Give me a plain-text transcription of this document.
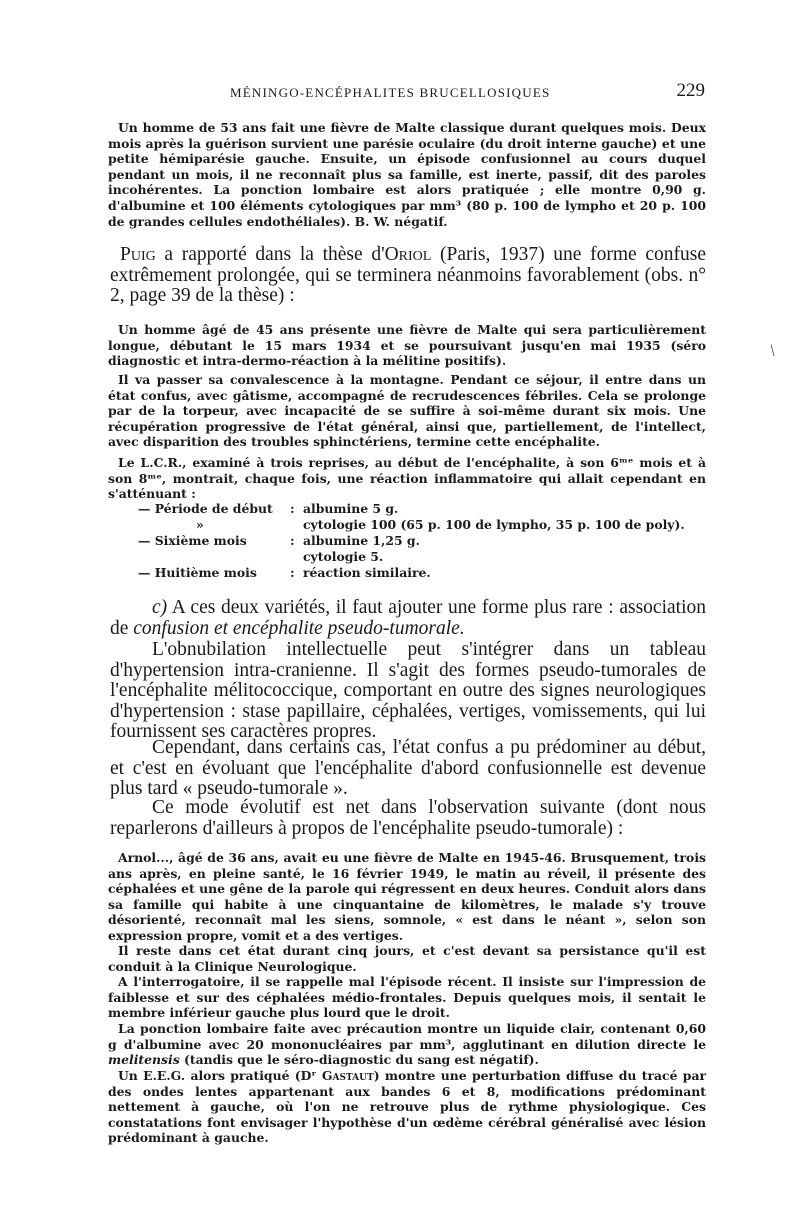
MÉNINGO-ENCÉPHALITES BRUCELLOSIQUES	229

Un homme de 53 ans fait une fièvre de Malte classique durant quelques mois. Deux mois après la guérison survient une parésie oculaire (du droit interne gauche) et une petite hémiparésie gauche. Ensuite, un épisode confusionnel au cours duquel pendant un mois, il ne reconnaît plus sa famille, est inerte, passif, dit des paroles incohérentes. La ponction lombaire est alors pratiquée ; elle montre 0,90 g. d'albumine et 100 éléments cytologiques par mm³ (80 p. 100 de lympho et 20 p. 100 de grandes cellules endothéliales). B. W. négatif.

Puig a rapporté dans la thèse d'Oriol (Paris, 1937) une forme confuse extrêmement prolongée, qui se terminera néanmoins favorablement (obs. n° 2, page 39 de la thèse) :

Un homme âgé de 45 ans présente une fièvre de Malte qui sera particulièrement longue, débutant le 15 mars 1934 et se poursuivant jusqu'en mai 1935 (séro diagnostic et intra-dermo-réaction à la mélitine positifs).

Il va passer sa convalescence à la montagne. Pendant ce séjour, il entre dans un état confus, avec gâtisme, accompagné de recrudescences fébriles. Cela se prolonge par de la torpeur, avec incapacité de se suffire à soi-même durant six mois. Une récupération progressive de l'état général, ainsi que, partiellement, de l'intellect, avec disparition des troubles sphinctériens, termine cette encéphalite.

Le L.C.R., examiné à trois reprises, au début de l'encéphalite, à son 6ᵐᵉ mois et à son 8ᵐᵉ, montrait, chaque fois, une réaction inflammatoire qui allait cependant en s'atténuant :

— Période de début : albumine 5 g.

»	cytologie 100 (65 p. 100 de lympho, 35 p. 100 de poly).

— Sixième mois	: albumine 1,25 g.

cytologie 5.

— Huitième mois	: réaction similaire.

c) A ces deux variétés, il faut ajouter une forme plus rare : association de confusion et encéphalite pseudo-tumorale.

L'obnubilation intellectuelle peut s'intégrer dans un tableau d'hypertension intra-cranienne. Il s'agit des formes pseudo-tumorales de l'encéphalite mélitococcique, comportant en outre des signes neurologiques d'hypertension : stase papillaire, céphalées, vertiges, vomissements, qui lui fournissent ses caractères propres.

Cependant, dans certains cas, l'état confus a pu prédominer au début, et c'est en évoluant que l'encéphalite d'abord confusionnelle est devenue plus tard « pseudo-tumorale ».

Ce mode évolutif est net dans l'observation suivante (dont nous reparlerons d'ailleurs à propos de l'encéphalite pseudo-tumorale) :

Arnol..., âgé de 36 ans, avait eu une fièvre de Malte en 1945-46. Brusquement, trois ans après, en pleine santé, le 16 février 1949, le matin au réveil, il présente des céphalées et une gêne de la parole qui régressent en deux heures. Conduit alors dans sa famille qui habite à une cinquantaine de kilomètres, le malade s'y trouve désorienté, reconnaît mal les siens, somnole, « est dans le néant », selon son expression propre, vomit et a des vertiges.

Il reste dans cet état durant cinq jours, et c'est devant sa persistance qu'il est conduit à la Clinique Neurologique.

A l'interrogatoire, il se rappelle mal l'épisode récent. Il insiste sur l'impression de faiblesse et sur des céphalées médio-frontales. Depuis quelques mois, il sentait le membre inférieur gauche plus lourd que le droit.

La ponction lombaire faite avec précaution montre un liquide clair, contenant 0,60 g d'albumine avec 20 mononucléaires par mm³, agglutinant en dilution directe le melitensis (tandis que le séro-diagnostic du sang est négatif).

Un E.E.G. alors pratiqué (Dʳ Gastaut) montre une perturbation diffuse du tracé par des ondes lentes appartenant aux bandes 6 et 8, modifications prédominant nettement à gauche, où l'on ne retrouve plus de rythme physiologique. Ces constatations font envisager l'hypothèse d'un œdème cérébral généralisé avec lésion prédominant à gauche.
